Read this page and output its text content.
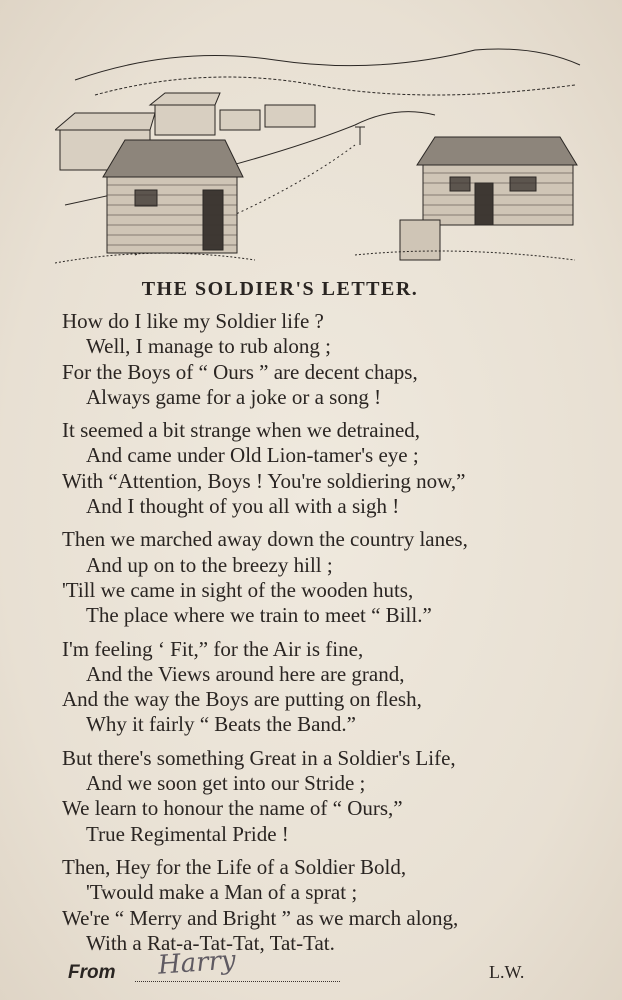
THE SOLDIER'S LETTER.
How do I like my Soldier life ?
Well, I manage to rub along ;
For the Boys of “ Ours ” are decent chaps,
Always game for a joke or a song !
It seemed a bit strange when we detrained,
And came under Old Lion-tamer's eye ;
With “Attention, Boys ! You're soldiering now,”
And I thought of you all with a sigh !
Then we marched away down the country lanes,
And up on to the breezy hill ;
'Till we came in sight of the wooden huts,
The place where we train to meet “ Bill.”
I'm feeling ‘ Fit,” for the Air is fine,
And the Views around here are grand,
And the way the Boys are putting on flesh,
Why it fairly “ Beats the Band.”
But there's something Great in a Soldier's Life,
And we soon get into our Stride ;
We learn to honour the name of “ Ours,”
True Regimental Pride !
Then, Hey for the Life of a Soldier Bold,
'Twould make a Man of a sprat ;
We're “ Merry and Bright ” as we march along,
With a Rat-a-Tat-Tat, Tat-Tat.
From Harry	L.W.
